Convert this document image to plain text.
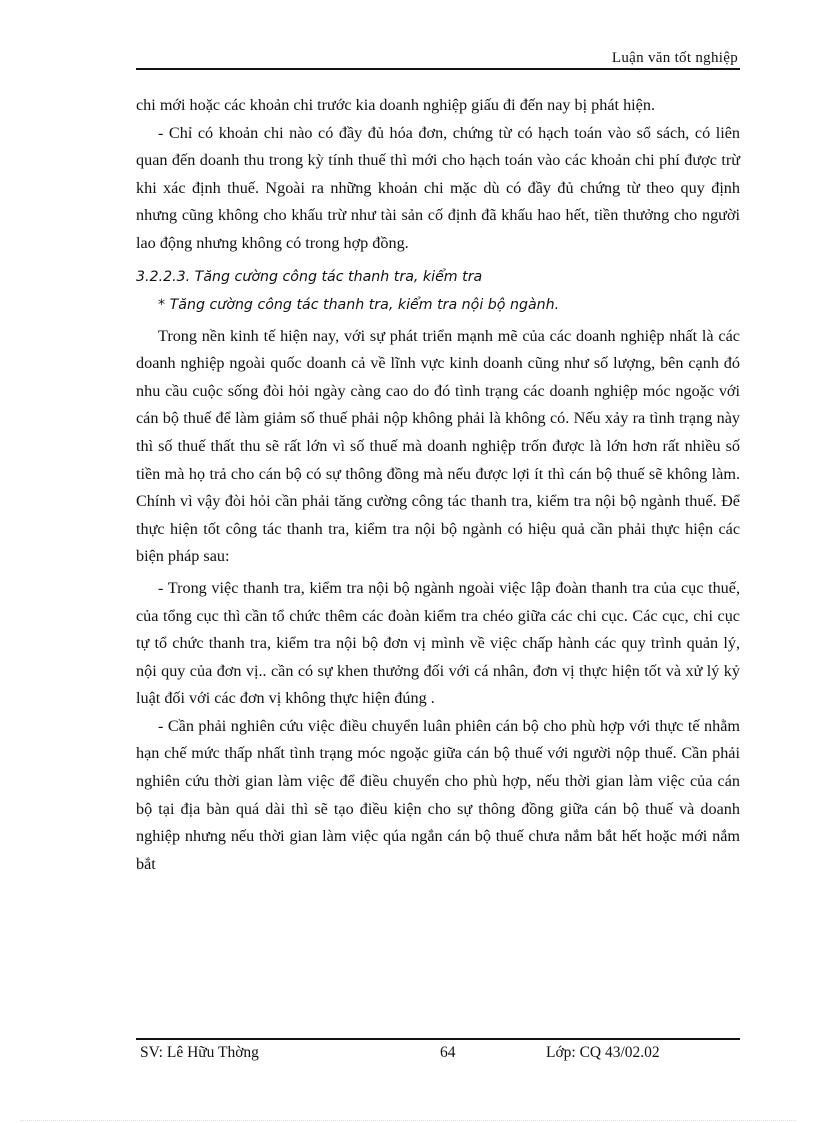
Luận văn tốt nghiệp

chi mới hoặc các khoản chi trước kia doanh nghiệp giấu đi đến nay bị phát hiện.

- Chỉ có khoản chi nào có đầy đủ hóa đơn, chứng từ có hạch toán vào sổ sách, có liên quan đến doanh thu trong kỳ tính thuế thì mới cho hạch toán vào các khoản chi phí được trừ khi xác định thuế. Ngoài ra những khoản chi mặc dù có đầy đủ chứng từ theo quy định nhưng cũng không cho khấu trừ như tài sản cố định đã khấu hao hết, tiền thưởng cho người lao động nhưng không có trong hợp đồng.

3.2.2.3. Tăng cường công tác thanh tra, kiểm tra

* Tăng cường công tác thanh tra, kiểm tra nội bộ ngành.

Trong nền kinh tế hiện nay, với sự phát triển mạnh mẽ của các doanh nghiệp nhất là các doanh nghiệp ngoài quốc doanh cả về lĩnh vực kinh doanh cũng như số lượng, bên cạnh đó nhu cầu cuộc sống đòi hỏi ngày càng cao do đó tình trạng các doanh nghiệp móc ngoặc với cán bộ thuế để làm giảm số thuế phải nộp không phải là không có. Nếu xảy ra tình trạng này thì số thuế thất thu sẽ rất lớn vì số thuế mà doanh nghiệp trốn được là lớn hơn rất nhiều số tiền mà họ trả cho cán bộ có sự thông đồng mà nếu được lợi ít thì cán bộ thuế sẽ không làm. Chính vì vậy đòi hỏi cần phải tăng cường công tác thanh tra, kiểm tra nội bộ ngành thuế. Để thực hiện tốt công tác thanh tra, kiểm tra nội bộ ngành có hiệu quả cần phải thực hiện các biện pháp sau:

- Trong việc thanh tra, kiểm tra nội bộ ngành ngoài việc lập đoàn thanh tra của cục thuế, của tổng cục thì cần tổ chức thêm các đoàn kiểm tra chéo giữa các chi cục. Các cục, chi cục tự tổ chức thanh tra, kiểm tra nội bộ đơn vị mình về việc chấp hành các quy trình quản lý, nội quy của đơn vị.. cần có sự khen thưởng đối với cá nhân, đơn vị thực hiện tốt và xử lý kỷ luật đối với các đơn vị không thực hiện đúng .

- Cần phải nghiên cứu việc điều chuyển luân phiên cán bộ cho phù hợp với thực tế nhằm hạn chế mức thấp nhất tình trạng móc ngoặc giữa cán bộ thuế với người nộp thuế. Cần phải nghiên cứu thời gian làm việc để điều chuyển cho phù hợp, nếu thời gian làm việc của cán bộ tại địa bàn quá dài thì sẽ tạo điều kiện cho sự thông đồng giữa cán bộ thuế và doanh nghiệp nhưng nếu thời gian làm việc qúa ngắn cán bộ thuế chưa nắm bắt hết hoặc mới nắm bắt

SV: Lê Hữu Thờng	64	Lớp: CQ 43/02.02
